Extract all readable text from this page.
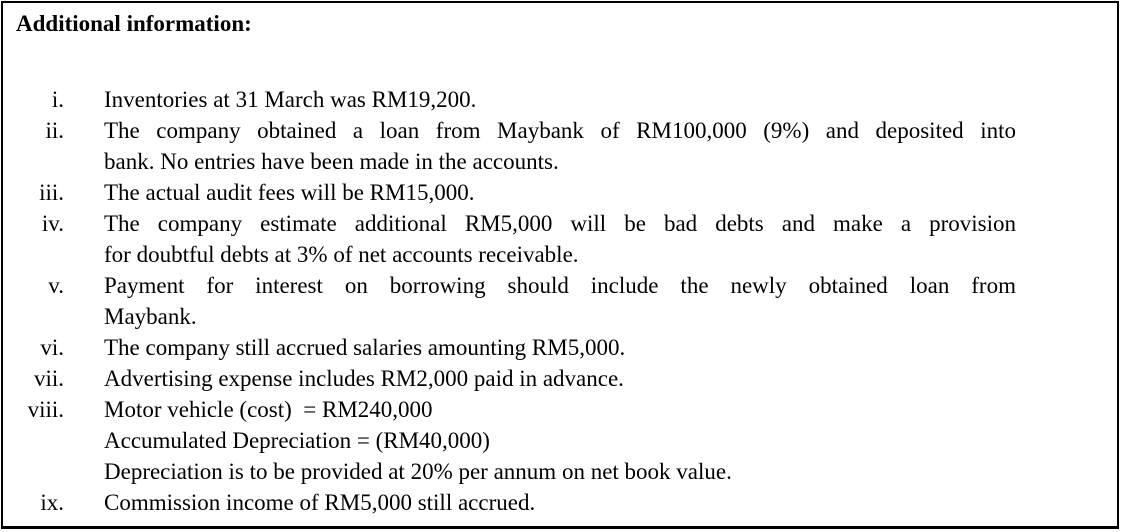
Additional information:
i. Inventories at 31 March was RM19,200.
ii. The company obtained a loan from Maybank of RM100,000 (9%) and deposited into
bank. No entries have been made in the accounts.
iii. The actual audit fees will be RM15,000.
iv. The company estimate additional RM5,000 will be bad debts and make a provision
for doubtful debts at 3% of net accounts receivable.
v. Payment for interest on borrowing should include the newly obtained loan from
Maybank.
vi. The company still accrued salaries amounting RM5,000.
vii. Advertising expense includes RM2,000 paid in advance.
viii. Motor vehicle (cost)  = RM240,000
Accumulated Depreciation = (RM40,000)
Depreciation is to be provided at 20% per annum on net book value.
ix. Commission income of RM5,000 still accrued.
